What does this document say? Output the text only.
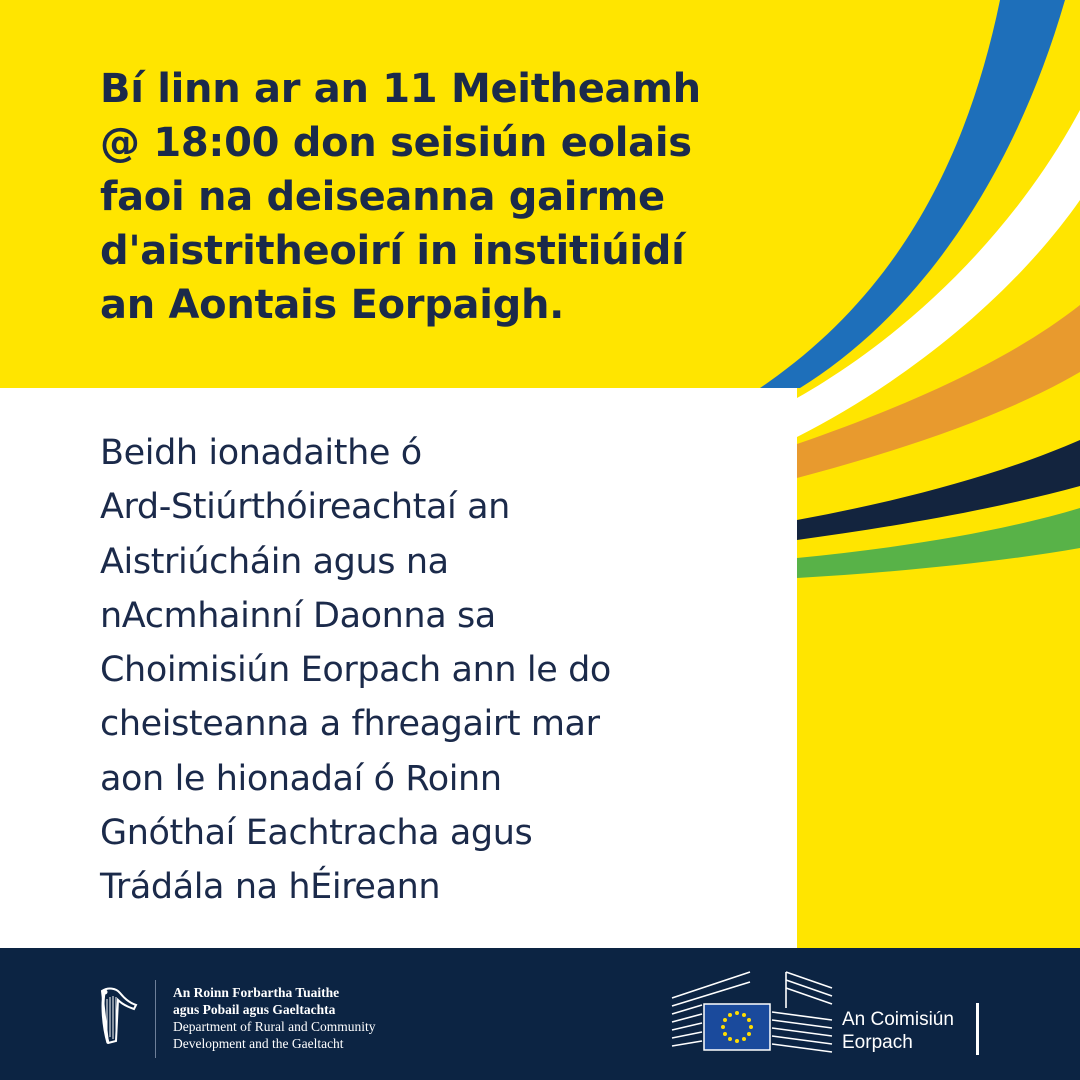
Bí linn ar an 11 Meitheamh
@ 18:00 don seisiún eolais
faoi na deiseanna gairme
d'aistritheoirí in institiúidí
an Aontais Eorpaigh.

Beidh ionadaithe ó
Ard-Stiúrthóireachtaí an
Aistriúcháin agus na
nAcmhainní Daonna sa
Choimisiún Eorpach ann le do
cheisteanna a fhreagairt mar
aon le hionadaí ó Roinn
Gnóthaí Eachtracha agus
Trádála na hÉireann

An Roinn Forbartha Tuaithe
agus Pobail agus Gaeltachta
Department of Rural and Community
Development and the Gaeltacht
An Coimisiún
Eorpach
